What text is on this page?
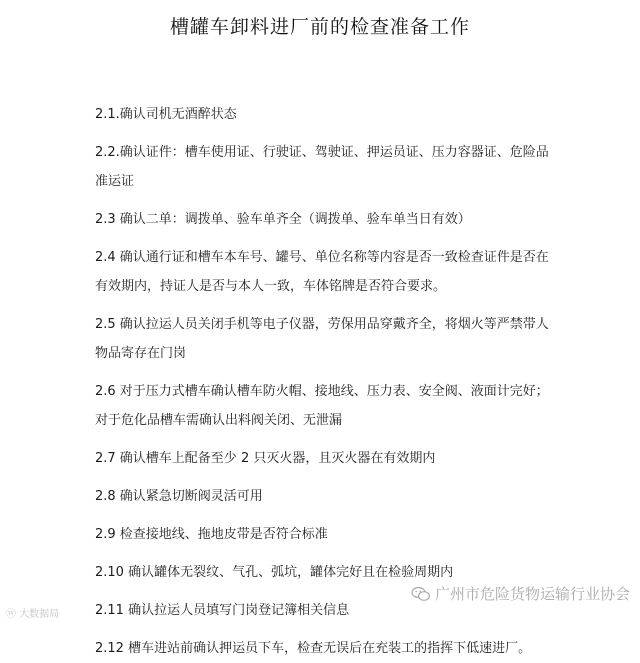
槽罐车卸料进厂前的检查准备工作
2.1.确认司机无酒醉状态
2.2.确认证件：槽车使用证、行驶证、驾驶证、押运员证、压力容器证、危险品
准运证
2.3 确认二单：调拨单、验车单齐全（调拨单、验车单当日有效）
2.4 确认通行证和槽车本车号、罐号、单位名称等内容是否一致检查证件是否在
有效期内，持证人是否与本人一致，车体铭牌是否符合要求。
2.5 确认拉运人员关闭手机等电子仪器，劳保用品穿戴齐全，将烟火等严禁带人
物品寄存在门岗
2.6 对于压力式槽车确认槽车防火帽、接地线、压力表、安全阀、液面计完好；
对于危化品槽车需确认出料阀关闭、无泄漏
2.7 确认槽车上配备至少 2 只灭火器，且灭火器在有效期内
2.8 确认紧急切断阀灵活可用
2.9 检查接地线、拖地皮带是否符合标准
2.10 确认罐体无裂纹、气孔、弧坑，罐体完好且在检验周期内
2.11 确认拉运人员填写门岗登记簿相关信息
2.12 槽车进站前确认押运员下车，检查无误后在充装工的指挥下低速进厂。
ⓦ 大数据局
广州市危险货物运输行业协会
